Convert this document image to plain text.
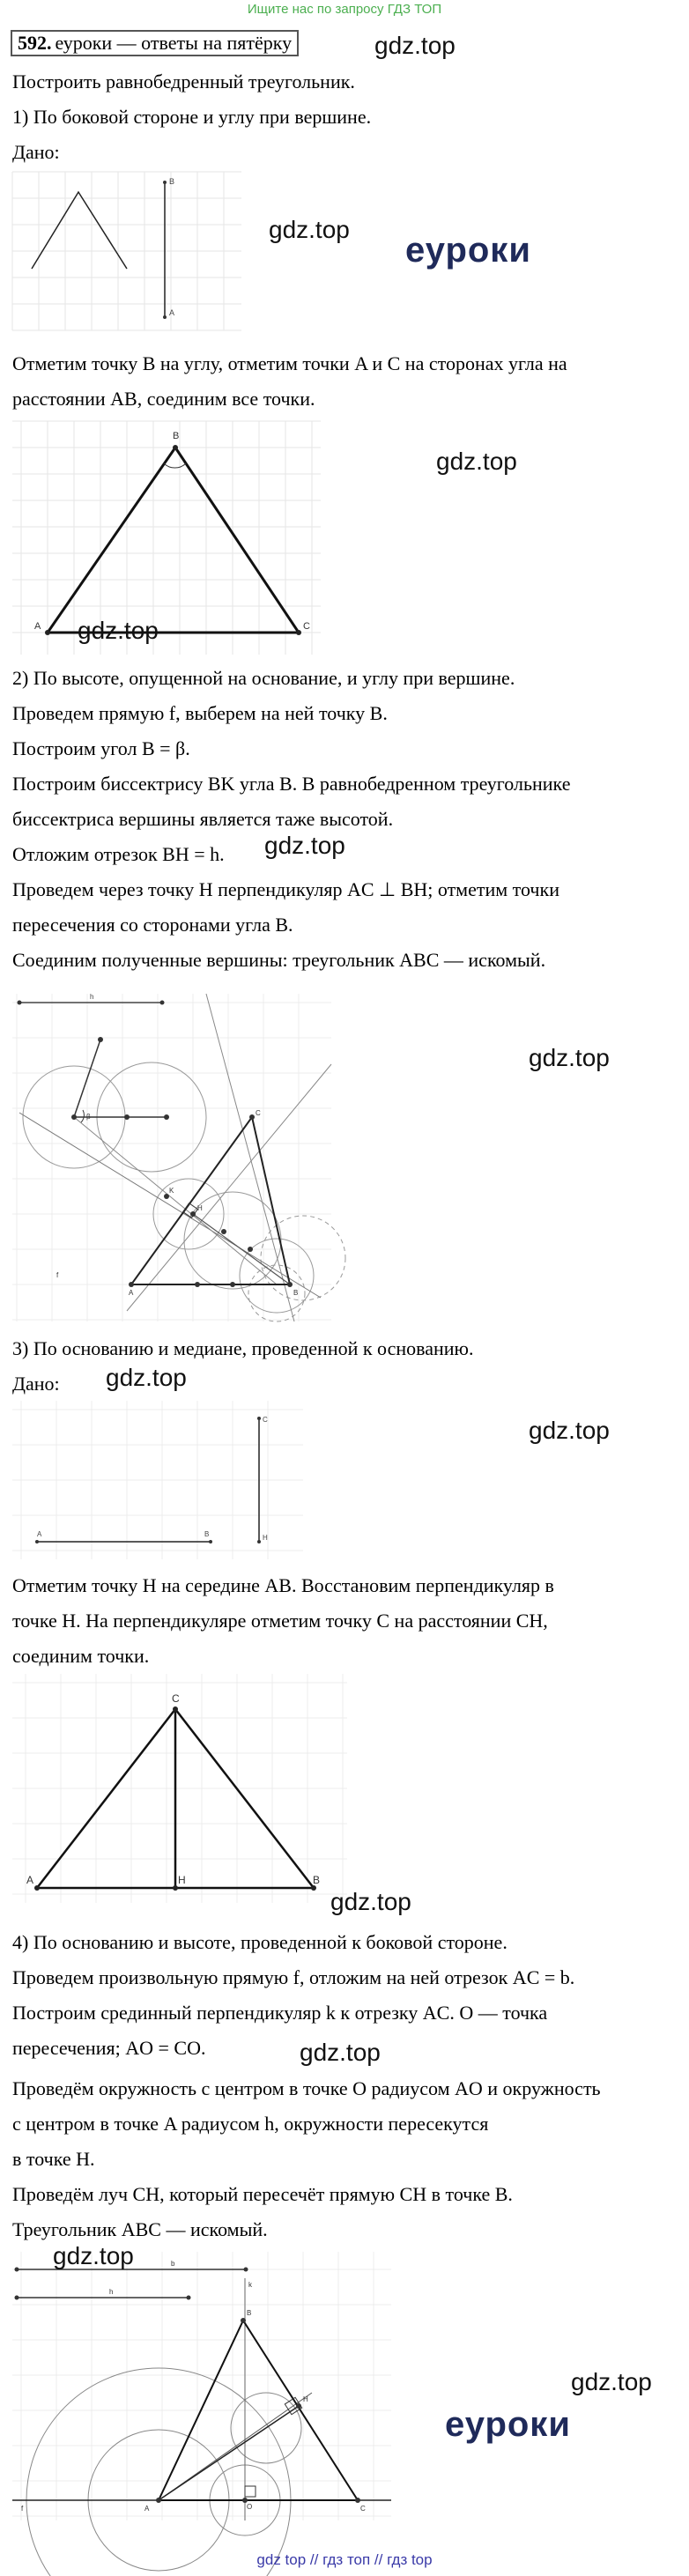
Ищите нас по запросу ГДЗ ТОП
592. еуроки — ответы на пятёрку	gdz.top
Построить равнобедренный треугольник.
1) По боковой стороне и углу при вершине.
Дано:
B
A
gdz.top
еуроки
Отметим точку B на углу, отметим точки A и C на сторонах угла на
расстоянии AB, соединим все точки.
B
A	C
gdz.top
gdz.top
2) По высоте, опущенной на основание, и углу при вершине.
Проведем прямую f, выберем на ней точку B.
Построим угол B = β.
Построим биссектрису BK угла B. В равнобедренном треугольнике
биссектриса вершины является таже высотой.
Отложим отрезок BH = h. gdz.top
Проведем через точку H перпендикуляр AC ⊥ BH; отметим точки
пересечения со сторонами угла B.
Соединим полученные вершины: треугольник ABC — искомый.
h
β	C
A	B
H
K
f
gdz.top
3) По основанию и медиане, проведенной к основанию.
Дано: gdz.top
A	B
C
H
gdz.top
Отметим точку H на середине AB. Восстановим перпендикуляр в
точке H. На перпендикуляре отметим точку C на расстоянии CH,
соединим точки.
C
A	B
H
gdz.top
4) По основанию и высоте, проведенной к боковой стороне.
Проведем произвольную прямую f, отложим на ней отрезок AC = b.
Построим срединный перпендикуляр k к отрезку AC. O — точка
пересечения; AO = CO.	gdz.top
Проведём окружность с центром в точке O радиусом AO и окружность
с центром в точке A радиусом h, окружности пересекутся
в точке H.
Проведём луч CH, который пересечёт прямую CH в точке B.
Треугольник ABC — искомый.
A	C
B
H
O
k
f
b
h
gdz.top
gdz.top
еуроки
gdz top // гдз топ // гдз top
